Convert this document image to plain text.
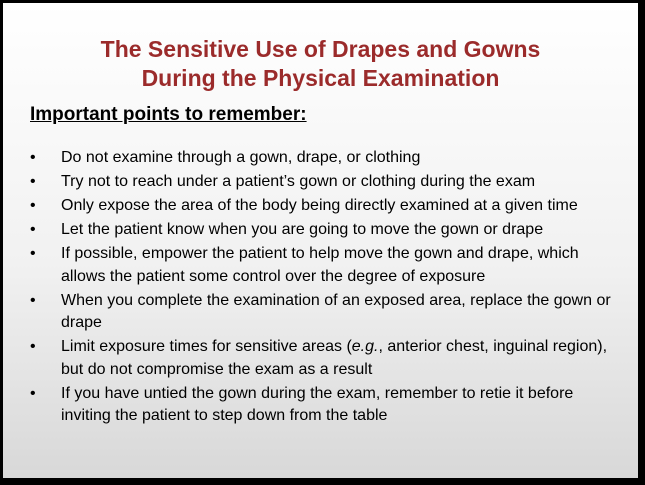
The Sensitive Use of Drapes and Gowns
During the Physical Examination
Important points to remember:
•	Do not examine through a gown, drape, or clothing
•	Try not to reach under a patient’s gown or clothing during the exam
•	Only expose the area of the body being directly examined at a given time
•	Let the patient know when you are going to move the gown or drape
•	If possible, empower the patient to help move the gown and drape, which allows the patient some control over the degree of exposure
•	When you complete the examination of an exposed area, replace the gown or drape
•	Limit exposure times for sensitive areas (e.g., anterior chest, inguinal region), but do not compromise the exam as a result
•	If you have untied the gown during the exam, remember to retie it before inviting the patient to step down from the table
